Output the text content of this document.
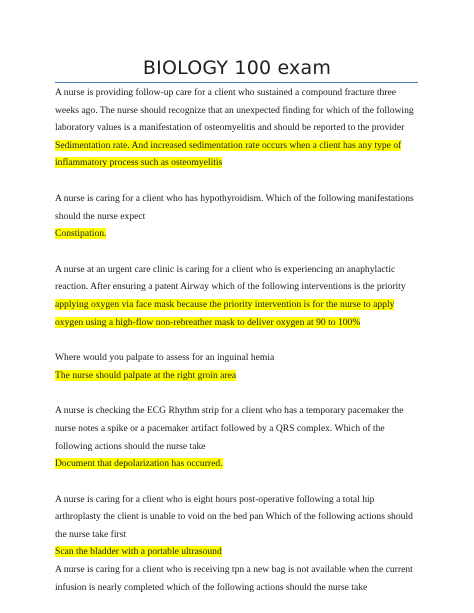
BIOLOGY 100 exam

A nurse is providing follow-up care for a client who sustained a compound fracture three weeks ago. The nurse should recognize that an unexpected finding for which of the following laboratory values is a manifestation of osteomyelitis and should be reported to the provider

Sedimentation rate. And increased sedimentation rate occurs when a client has any type of inflammatory process such as osteomyelitis

A nurse is caring for a client who has hypothyroidism. Which of the following manifestations should the nurse expect

Constipation.

A nurse at an urgent care clinic is caring for a client who is experiencing an anaphylactic reaction. After ensuring a patent Airway which of the following interventions is the priority

applying oxygen via face mask because the priority intervention is for the nurse to apply oxygen using a high-flow non-rebreather mask to deliver oxygen at 90 to 100%

Where would you palpate to assess for an inguinal hemia

The nurse should palpate at the right groin area

A nurse is checking the ECG Rhythm strip for a client who has a temporary pacemaker the nurse notes a spike or a pacemaker artifact followed by a QRS complex. Which of the following actions should the nurse take

Document that depolarization has occurred.

A nurse is caring for a client who is eight hours post-operative following a total hip arthroplasty the client is unable to void on the bed pan Which of the following actions should the nurse take first

Scan the bladder with a portable ultrasound

A nurse is caring for a client who is receiving tpn a new bag is not available when the current infusion is nearly completed which of the following actions should the nurse take
